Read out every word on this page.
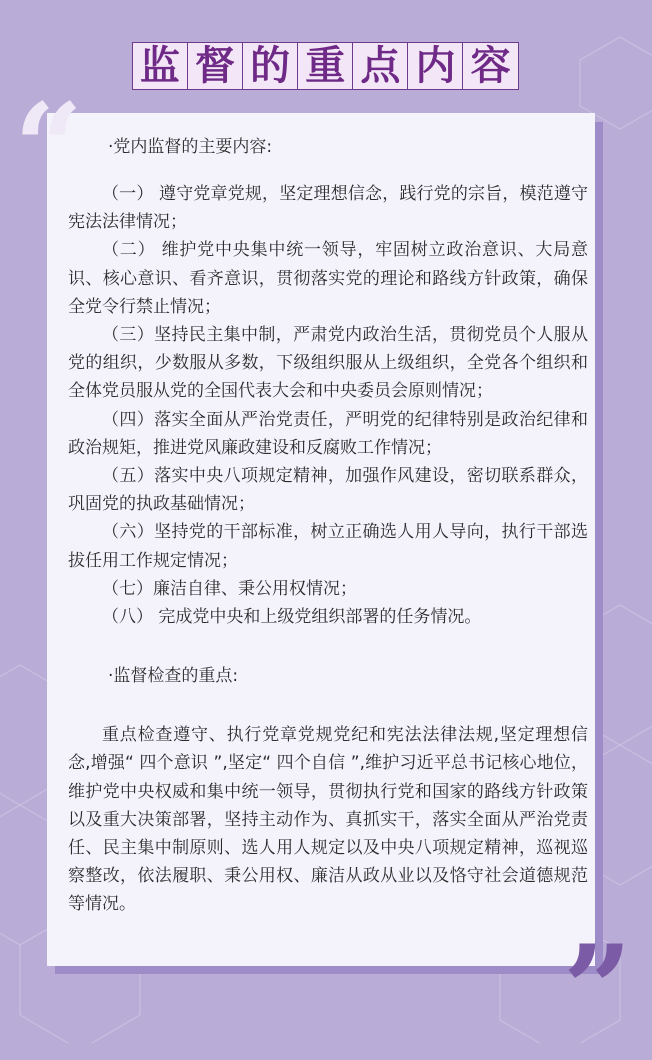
监 督 的 重 点 内 容
“
”
·党内监督的主要内容:

（一） 遵守党章党规，坚定理想信念，践行党的宗旨，模范遵守宪法法律情况；

（二） 维护党中央集中统一领导，牢固树立政治意识、大局意识、核心意识、看齐意识，贯彻落实党的理论和路线方针政策，确保全党令行禁止情况；

（三）坚持民主集中制，严肃党内政治生活，贯彻党员个人服从党的组织，少数服从多数，下级组织服从上级组织，全党各个组织和全体党员服从党的全国代表大会和中央委员会原则情况；

（四）落实全面从严治党责任，严明党的纪律特别是政治纪律和政治规矩，推进党风廉政建设和反腐败工作情况；

（五）落实中央八项规定精神，加强作风建设，密切联系群众，巩固党的执政基础情况；

（六）坚持党的干部标准，树立正确选人用人导向，执行干部选拔任用工作规定情况；

（七）廉洁自律、秉公用权情况；

（八） 完成党中央和上级党组织部署的任务情况。

·监督检查的重点:

重点检查遵守、执行党章党规党纪和宪法法律法规,坚定理想信念,增强“ 四个意识 ”,坚定“ 四个自信 ”,维护习近平总书记核心地位，维护党中央权威和集中统一领导，贯彻执行党和国家的路线方针政策以及重大决策部署，坚持主动作为、真抓实干，落实全面从严治党责任、民主集中制原则、选人用人规定以及中央八项规定精神，巡视巡察整改，依法履职、秉公用权、廉洁从政从业以及恪守社会道德规范等情况。
